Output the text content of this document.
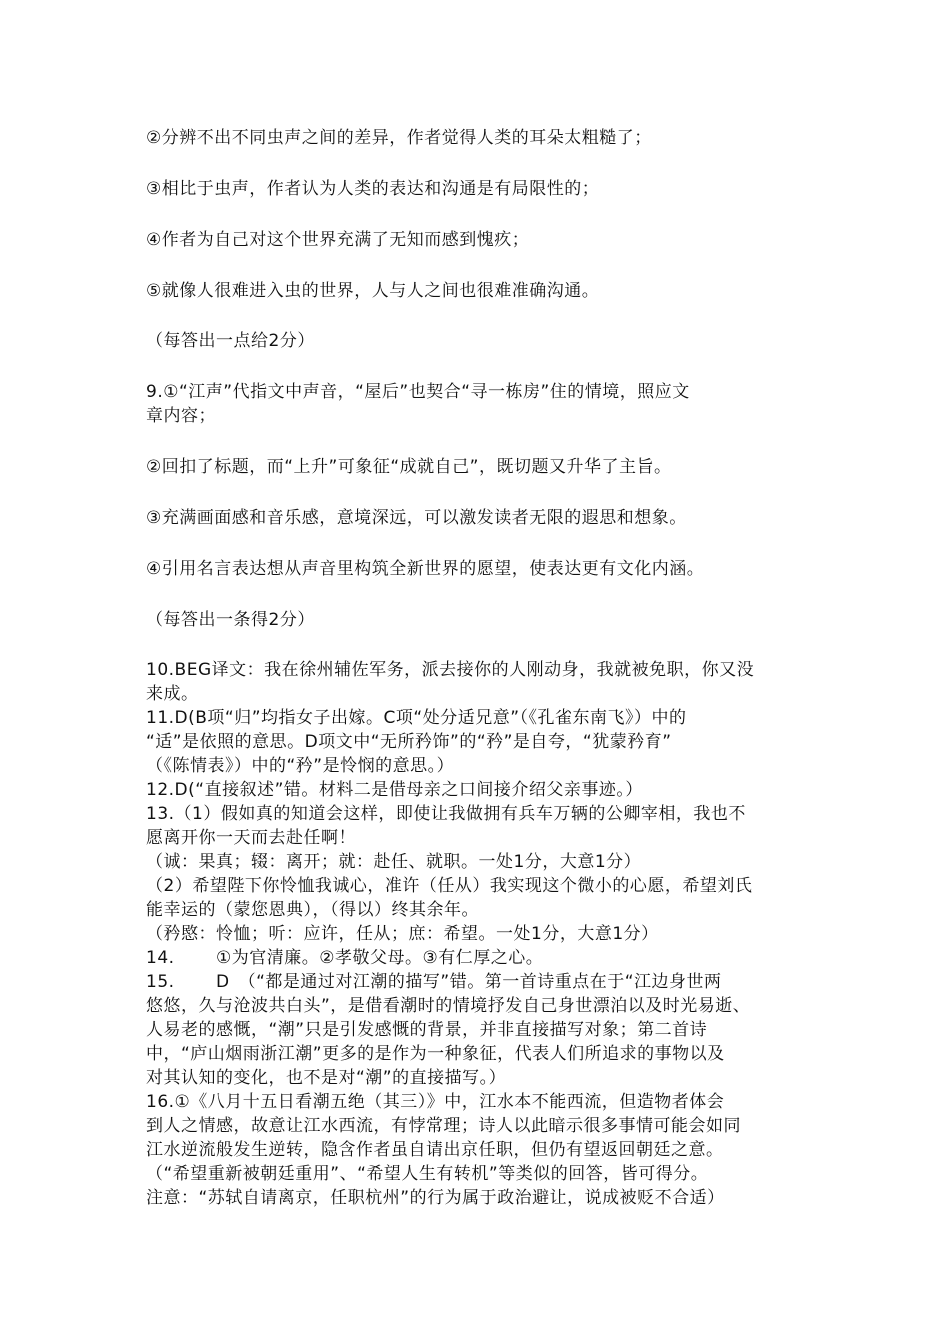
②分辨不出不同虫声之间的差异，作者觉得人类的耳朵太粗糙了；
③相比于虫声，作者认为人类的表达和沟通是有局限性的；
④作者为自己对这个世界充满了无知而感到愧疚；
⑤就像人很难进入虫的世界，人与人之间也很难准确沟通。
（每答出一点给2分）
9.①“江声”代指文中声音，“屋后”也契合“寻一栋房”住的情境，照应文
章内容；
②回扣了标题，而“上升”可象征“成就自己”，既切题又升华了主旨。
③充满画面感和音乐感，意境深远，可以激发读者无限的遐思和想象。
④引用名言表达想从声音里构筑全新世界的愿望，使表达更有文化内涵。
（每答出一条得2分）
10.BEG译文：我在徐州辅佐军务，派去接你的人刚动身，我就被免职，你又没
来成。
11.D(B项“归”均指女子出嫁。C项“处分适兄意”（《孔雀东南飞》）中的
“适”是依照的意思。D项文中“无所矜饰”的“矜”是自夸，“犹蒙矜育”
（《陈情表》）中的“矜”是怜悯的意思。）
12.D(“直接叙述”错。材料二是借母亲之口间接介绍父亲事迹。）
13.（1）假如真的知道会这样，即使让我做拥有兵车万辆的公卿宰相，我也不
愿离开你一天而去赴任啊！
（诚：果真；辍：离开；就：赴任、就职。一处1分，大意1分）
（2）希望陛下你怜恤我诚心，准许（任从）我实现这个微小的心愿，希望刘氏
能幸运的（蒙您恩典），（得以）终其余年。
（矜愍：怜恤；听：应许，任从；庶：希望。一处1分，大意1分）
14. ①为官清廉。②孝敬父母。③有仁厚之心。
15. D　（“都是通过对江潮的描写”错。第一首诗重点在于“江边身世两
悠悠，久与沧波共白头”，是借看潮时的情境抒发自己身世漂泊以及时光易逝、
人易老的感慨，“潮”只是引发感慨的背景，并非直接描写对象；第二首诗
中，“庐山烟雨浙江潮”更多的是作为一种象征，代表人们所追求的事物以及
对其认知的变化，也不是对“潮”的直接描写。）
16.①《八月十五日看潮五绝（其三）》中，江水本不能西流，但造物者体会
到人之情感，故意让江水西流，有悖常理；诗人以此暗示很多事情可能会如同
江水逆流般发生逆转，隐含作者虽自请出京任职，但仍有望返回朝廷之意。
（“希望重新被朝廷重用”、“希望人生有转机”等类似的回答，皆可得分。
注意：“苏轼自请离京，任职杭州”的行为属于政治避让，说成被贬不合适）
